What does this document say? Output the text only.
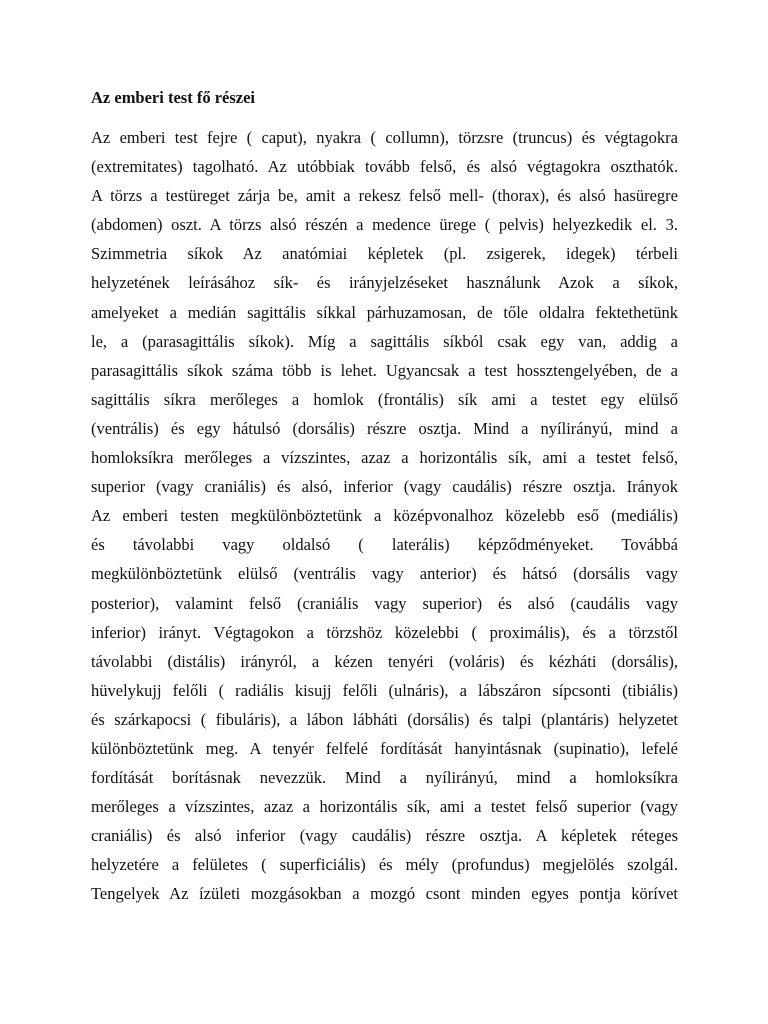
Az emberi test fő részei
Az emberi test fejre ( caput), nyakra ( collumn), törzsre (truncus) és végtagokra
(extremitates) tagolható. Az utóbbiak tovább felső, és alsó végtagokra oszthatók.
A törzs a testüreget zárja be, amit a rekesz felső mell- (thorax), és alsó hasüregre
(abdomen) oszt. A törzs alsó részén a medence ürege ( pelvis) helyezkedik el. 3.
Szimmetria síkok Az anatómiai képletek (pl. zsigerek, idegek) térbeli
helyzetének leírásához sík- és irányjelzéseket használunk Azok a síkok,
amelyeket a medián sagittális síkkal párhuzamosan, de tőle oldalra fektethetünk
le, a (parasagittális síkok). Míg a sagittális síkból csak egy van, addig a
parasagittális síkok száma több is lehet. Ugyancsak a test hossztengelyében, de a
sagittális síkra merőleges a homlok (frontális) sík ami a testet egy elülső
(ventrális) és egy hátulsó (dorsális) részre osztja. Mind a nyílirányú, mind a
homloksíkra merőleges a vízszintes, azaz a horizontális sík, ami a testet felső,
superior (vagy craniális) és alsó, inferior (vagy caudális) részre osztja. Irányok
Az emberi testen megkülönböztetünk a középvonalhoz közelebb eső (mediális)
és távolabbi vagy oldalsó ( laterális) képződményeket. Továbbá
megkülönböztetünk elülső (ventrális vagy anterior) és hátsó (dorsális vagy
posterior), valamint felső (craniális vagy superior) és alsó (caudális vagy
inferior) irányt. Végtagokon a törzshöz közelebbi ( proximális), és a törzstől
távolabbi (distális) irányról, a kézen tenyéri (voláris) és kézháti (dorsális),
hüvelykujj felőli ( radiális kisujj felőli (ulnáris), a lábszáron sípcsonti (tibiális)
és szárkapocsi ( fibuláris), a lábon lábháti (dorsális) és talpi (plantáris) helyzetet
különböztetünk meg. A tenyér felfelé fordítását hanyintásnak (supinatio), lefelé
fordítását borításnak nevezzük. Mind a nyílirányú, mind a homloksíkra
merőleges a vízszintes, azaz a horizontális sík, ami a testet felső superior (vagy
craniális) és alsó inferior (vagy caudális) részre osztja. A képletek réteges
helyzetére a felületes ( superficiális) és mély (profundus) megjelölés szolgál.
Tengelyek Az ízületi mozgásokban a mozgó csont minden egyes pontja körívet
